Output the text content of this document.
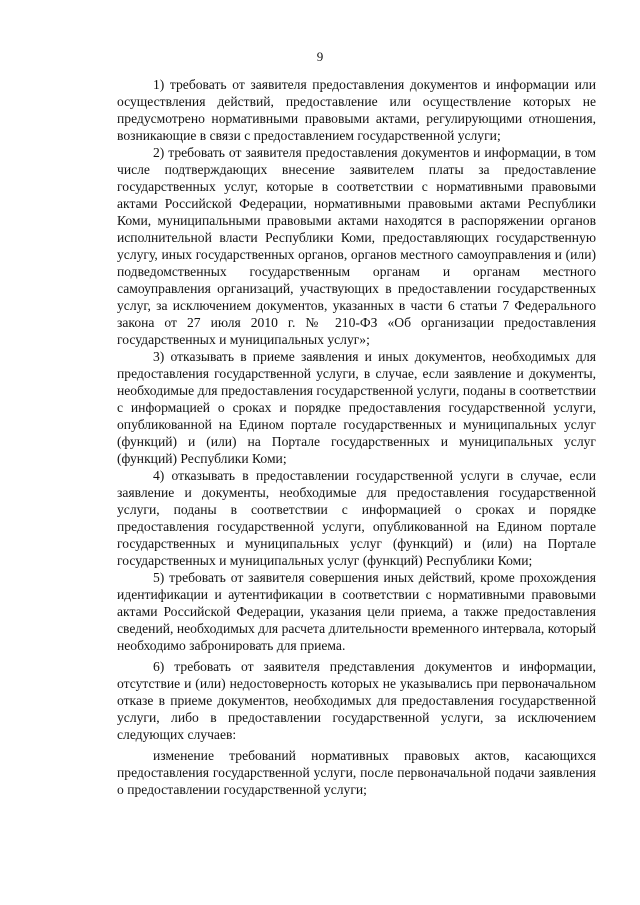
9

1) требовать от заявителя предоставления документов и информации или осуществления действий, предоставление или осуществление которых не предусмотрено нормативными правовыми актами, регулирующими отношения, возникающие в связи с предоставлением государственной услуги;

2) требовать от заявителя предоставления документов и информации, в том числе подтверждающих внесение заявителем платы за предоставление государственных услуг, которые в соответствии с нормативными правовыми актами Российской Федерации, нормативными правовыми актами Республики Коми, муниципальными правовыми актами находятся в распоряжении органов исполнительной власти Республики Коми, предоставляющих государственную услугу, иных государственных органов, органов местного самоуправления и (или) подведомственных государственным органам и органам местного самоуправления организаций, участвующих в предоставлении государственных услуг, за исключением документов, указанных в части 6 статьи 7 Федерального закона от 27 июля 2010 г. № 210-ФЗ «Об организации предоставления государственных и муниципальных услуг»;

3) отказывать в приеме заявления и иных документов, необходимых для предоставления государственной услуги, в случае, если заявление и документы, необходимые для предоставления государственной услуги, поданы в соответствии с информацией о сроках и порядке предоставления государственной услуги, опубликованной на Едином портале государственных и муниципальных услуг (функций) и (или) на Портале государственных и муниципальных услуг (функций) Республики Коми;

4) отказывать в предоставлении государственной услуги в случае, если заявление и документы, необходимые для предоставления государственной услуги, поданы в соответствии с информацией о сроках и порядке предоставления государственной услуги, опубликованной на Едином портале государственных и муниципальных услуг (функций) и (или) на Портале государственных и муниципальных услуг (функций) Республики Коми;

5) требовать от заявителя совершения иных действий, кроме прохождения идентификации и аутентификации в соответствии с нормативными правовыми актами Российской Федерации, указания цели приема, а также предоставления сведений, необходимых для расчета длительности временного интервала, который необходимо забронировать для приема.

6) требовать от заявителя представления документов и информации, отсутствие и (или) недостоверность которых не указывались при первоначальном отказе в приеме документов, необходимых для предоставления государственной услуги, либо в предоставлении государственной услуги, за исключением следующих случаев:

изменение требований нормативных правовых актов, касающихся предоставления государственной услуги, после первоначальной подачи заявления о предоставлении государственной услуги;
